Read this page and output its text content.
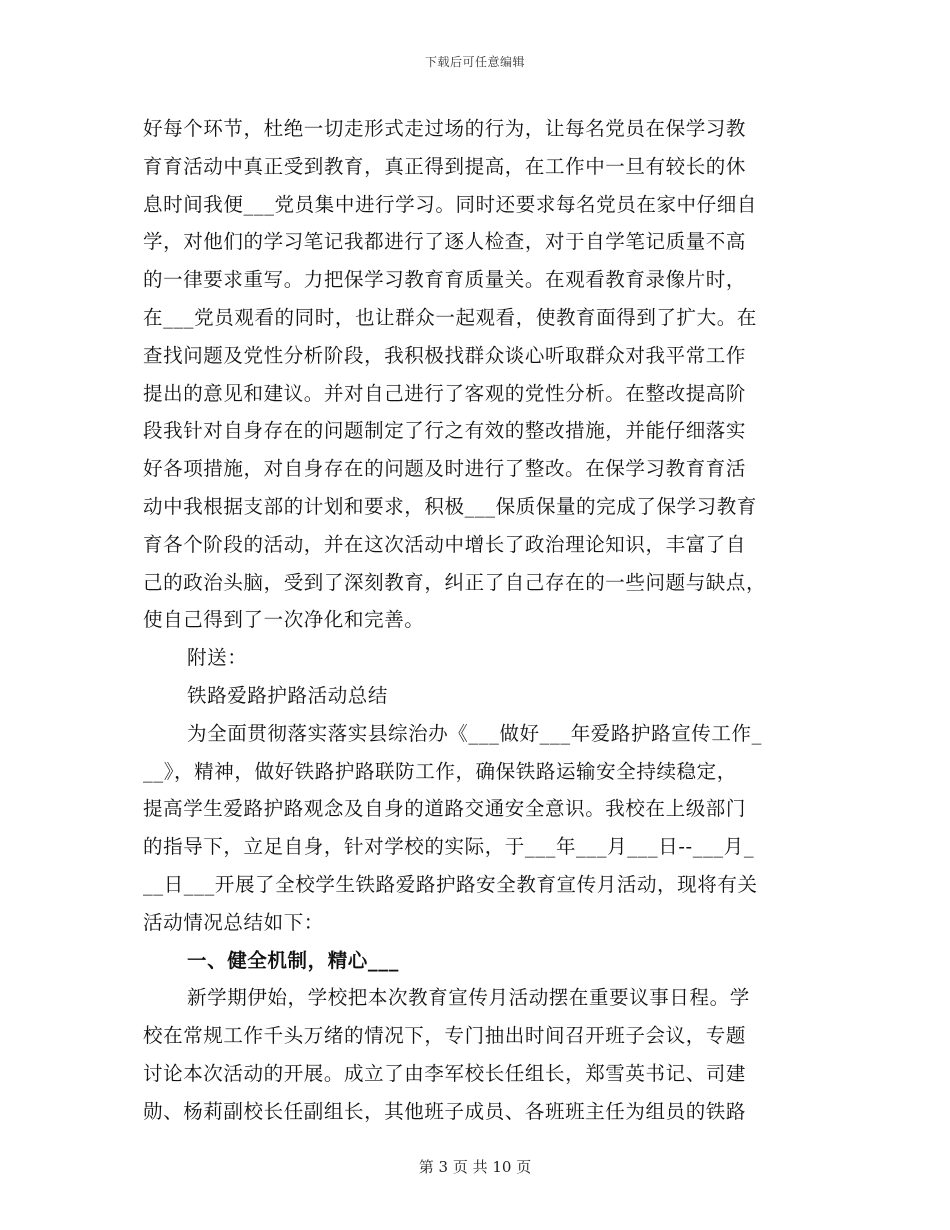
下载后可任意编辑
好每个环节，杜绝一切走形式走过场的行为，让每名党员在保学习教
育育活动中真正受到教育，真正得到提高，在工作中一旦有较长的休
息时间我便___党员集中进行学习。同时还要求每名党员在家中仔细自
学，对他们的学习笔记我都进行了逐人检查，对于自学笔记质量不高
的一律要求重写。力把保学习教育育质量关。在观看教育录像片时，
在___党员观看的同时，也让群众一起观看，使教育面得到了扩大。在
查找问题及党性分析阶段，我积极找群众谈心听取群众对我平常工作
提出的意见和建议。并对自己进行了客观的党性分析。在整改提高阶
段我针对自身存在的问题制定了行之有效的整改措施，并能仔细落实
好各项措施，对自身存在的问题及时进行了整改。在保学习教育育活
动中我根据支部的计划和要求，积极___保质保量的完成了保学习教育
育各个阶段的活动，并在这次活动中增长了政治理论知识，丰富了自
己的政治头脑，受到了深刻教育，纠正了自己存在的一些问题与缺点，
使自己得到了一次净化和完善。
附送：
铁路爱路护路活动总结
为全面贯彻落实落实县综治办《___做好___年爱路护路宣传工作_
__》，精神，做好铁路护路联防工作，确保铁路运输安全持续稳定，
提高学生爱路护路观念及自身的道路交通安全意识。我校在上级部门
的指导下，立足自身，针对学校的实际，于___年___月___日--___月_
__日___开展了全校学生铁路爱路护路安全教育宣传月活动，现将有关
活动情况总结如下：
一、健全机制，精心___
新学期伊始，学校把本次教育宣传月活动摆在重要议事日程。学
校在常规工作千头万绪的情况下，专门抽出时间召开班子会议，专题
讨论本次活动的开展。成立了由李军校长任组长，郑雪英书记、司建
勋、杨莉副校长任副组长，其他班子成员、各班班主任为组员的铁路
第 3 页 共 10 页
